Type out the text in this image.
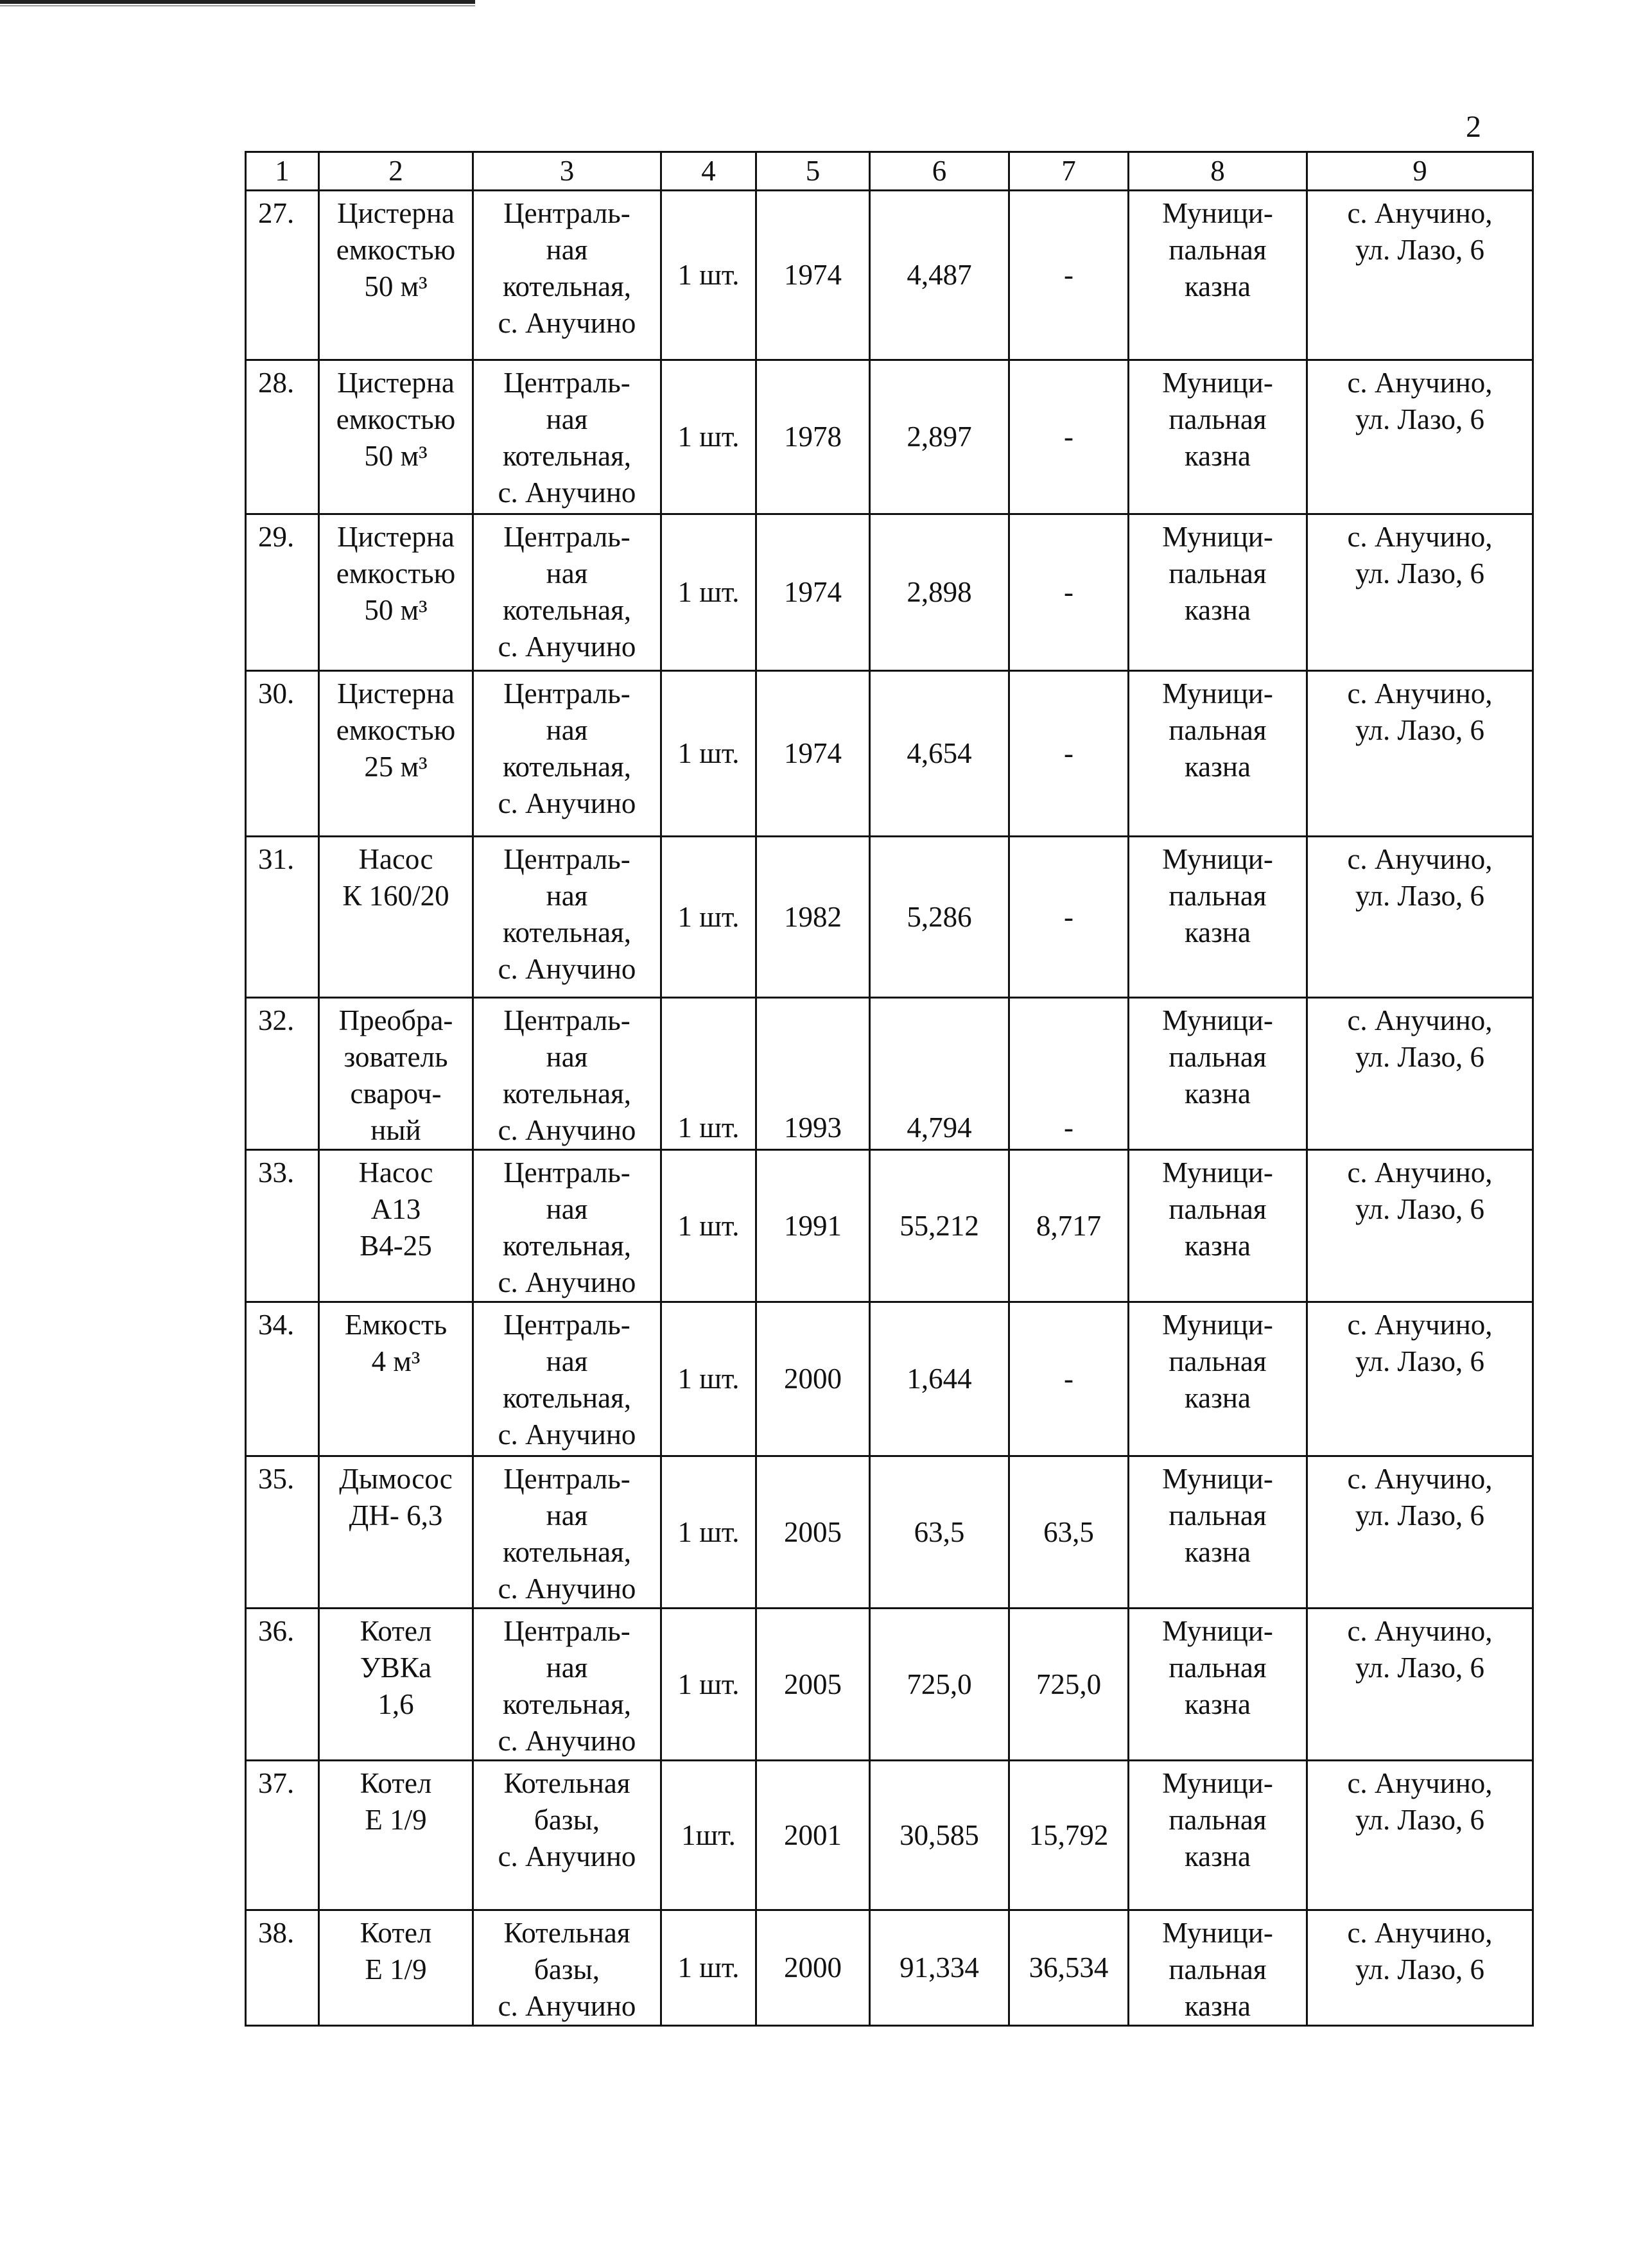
2
1	2	3	4	5	6	7	8	9
27.	Цистерна
емкостью
50 м³	Централь-
ная
котельная,
с. Анучино	1 шт.	1974	4,487	-	Муници-
пальная
казна	с. Анучино,
ул. Лазо, 6
28.	Цистерна
емкостью
50 м³	Централь-
ная
котельная,
с. Анучино	1 шт.	1978	2,897	-	Муници-
пальная
казна	с. Анучино,
ул. Лазо, 6
29.	Цистерна
емкостью
50 м³	Централь-
ная
котельная,
с. Анучино	1 шт.	1974	2,898	-	Муници-
пальная
казна	с. Анучино,
ул. Лазо, 6
30.	Цистерна
емкостью
25 м³	Централь-
ная
котельная,
с. Анучино	1 шт.	1974	4,654	-	Муници-
пальная
казна	с. Анучино,
ул. Лазо, 6
31.	Насос
К 160/20	Централь-
ная
котельная,
с. Анучино	1 шт.	1982	5,286	-	Муници-
пальная
казна	с. Анучино,
ул. Лазо, 6
32.	Преобра-
зователь
свароч-
ный	Централь-
ная
котельная,
с. Анучино	1 шт.	1993	4,794	-	Муници-
пальная
казна	с. Анучино,
ул. Лазо, 6
33.	Насос
А13
В4-25	Централь-
ная
котельная,
с. Анучино	1 шт.	1991	55,212	8,717	Муници-
пальная
казна	с. Анучино,
ул. Лазо, 6
34.	Емкость
4 м³	Централь-
ная
котельная,
с. Анучино	1 шт.	2000	1,644	-	Муници-
пальная
казна	с. Анучино,
ул. Лазо, 6
35.	Дымосос
ДН- 6,3	Централь-
ная
котельная,
с. Анучино	1 шт.	2005	63,5	63,5	Муници-
пальная
казна	с. Анучино,
ул. Лазо, 6
36.	Котел
УВКа
1,6	Централь-
ная
котельная,
с. Анучино	1 шт.	2005	725,0	725,0	Муници-
пальная
казна	с. Анучино,
ул. Лазо, 6
37.	Котел
Е 1/9	Котельная
базы,
с. Анучино	1шт.	2001	30,585	15,792	Муници-
пальная
казна	с. Анучино,
ул. Лазо, 6
38.	Котел
Е 1/9	Котельная
базы,
с. Анучино	1 шт.	2000	91,334	36,534	Муници-
пальная
казна	с. Анучино,
ул. Лазо, 6
